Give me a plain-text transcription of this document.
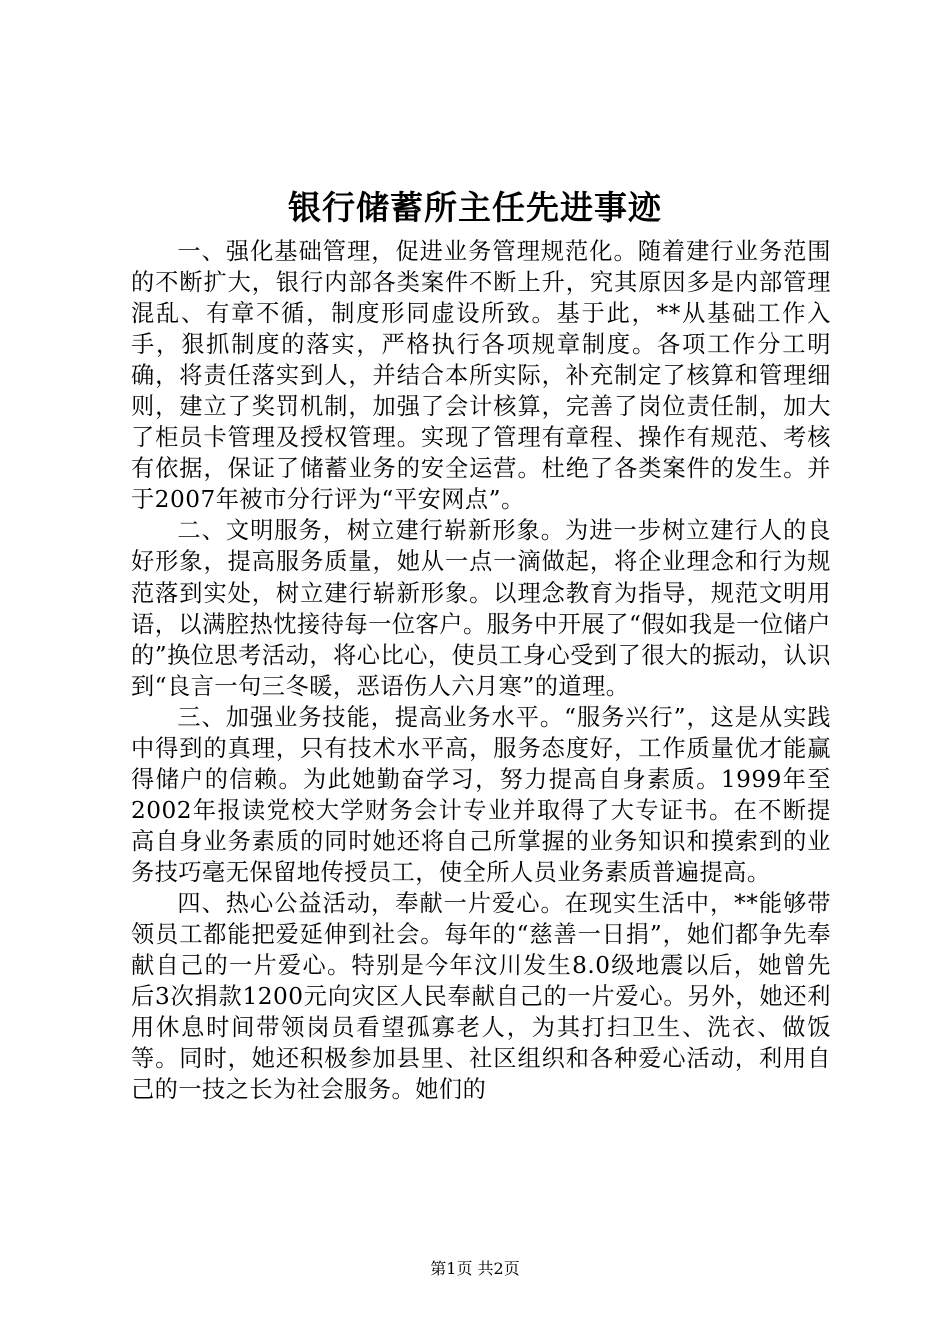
银行储蓄所主任先进事迹

一、强化基础管理，促进业务管理规范化。随着建行业务范围的不断扩大，银行内部各类案件不断上升，究其原因多是内部管理混乱、有章不循，制度形同虚设所致。基于此，**从基础工作入手，狠抓制度的落实，严格执行各项规章制度。各项工作分工明确，将责任落实到人，并结合本所实际，补充制定了核算和管理细则，建立了奖罚机制，加强了会计核算，完善了岗位责任制，加大了柜员卡管理及授权管理。实现了管理有章程、操作有规范、考核有依据，保证了储蓄业务的安全运营。杜绝了各类案件的发生。并于2007年被市分行评为“平安网点”。

二、文明服务，树立建行崭新形象。为进一步树立建行人的良好形象，提高服务质量，她从一点一滴做起，将企业理念和行为规范落到实处，树立建行崭新形象。以理念教育为指导，规范文明用语，以满腔热忱接待每一位客户。服务中开展了“假如我是一位储户的”换位思考活动，将心比心，使员工身心受到了很大的振动，认识到“良言一句三冬暖，恶语伤人六月寒”的道理。

三、加强业务技能，提高业务水平。“服务兴行”，这是从实践中得到的真理，只有技术水平高，服务态度好，工作质量优才能赢得储户的信赖。为此她勤奋学习，努力提高自身素质。1999年至2002年报读党校大学财务会计专业并取得了大专证书。在不断提高自身业务素质的同时她还将自己所掌握的业务知识和摸索到的业务技巧毫无保留地传授员工，使全所人员业务素质普遍提高。

四、热心公益活动，奉献一片爱心。在现实生活中，**能够带领员工都能把爱延伸到社会。每年的“慈善一日捐”，她们都争先奉献自己的一片爱心。特别是今年汶川发生8.0级地震以后，她曾先后3次捐款1200元向灾区人民奉献自己的一片爱心。另外，她还利用休息时间带领岗员看望孤寡老人，为其打扫卫生、洗衣、做饭等。同时，她还积极参加县里、社区组织和各种爱心活动，利用自己的一技之长为社会服务。她们的

第1页 共2页
